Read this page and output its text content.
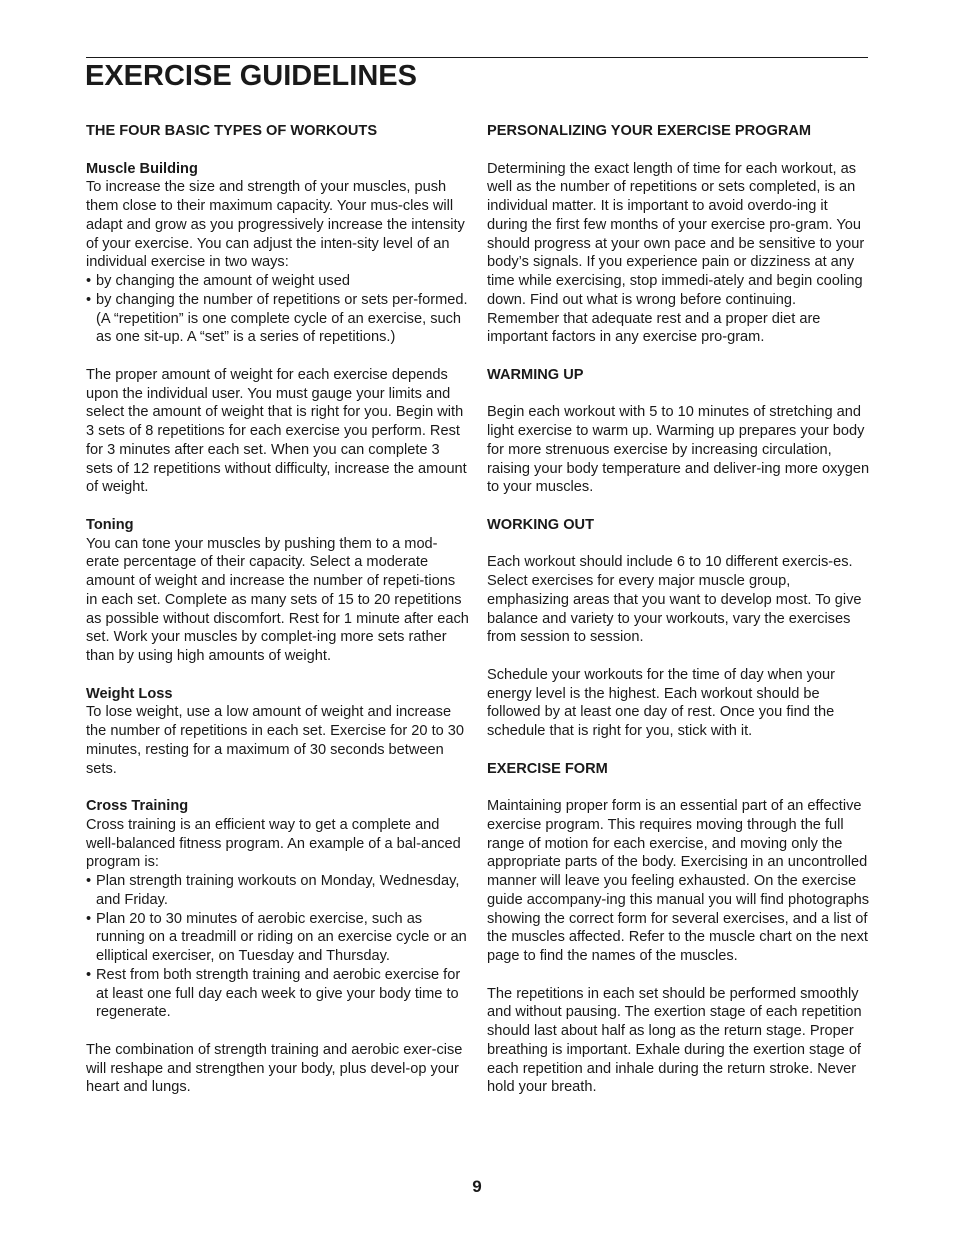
EXERCISE GUIDELINES
THE FOUR BASIC TYPES OF WORKOUTS
Muscle Building
To increase the size and strength of your muscles, push them close to their maximum capacity. Your mus-cles will adapt and grow as you progressively increase the intensity of your exercise. You can adjust the inten-sity level of an individual exercise in two ways:
• by changing the amount of weight used
• by changing the number of repetitions or sets per-formed. (A “repetition” is one complete cycle of an exercise, such as one sit-up. A “set” is a series of repetitions.)
The proper amount of weight for each exercise depends upon the individual user. You must gauge your limits and select the amount of weight that is right for you. Begin with 3 sets of 8 repetitions for each exercise you perform. Rest for 3 minutes after each set. When you can complete 3 sets of 12 repetitions without difficulty, increase the amount of weight.
Toning
You can tone your muscles by pushing them to a mod-erate percentage of their capacity. Select a moderate amount of weight and increase the number of repeti-tions in each set. Complete as many sets of 15 to 20 repetitions as possible without discomfort. Rest for 1 minute after each set. Work your muscles by complet-ing more sets rather than by using high amounts of weight.
Weight Loss
To lose weight, use a low amount of weight and increase the number of repetitions in each set. Exercise for 20 to 30 minutes, resting for a maximum of 30 seconds between sets.
Cross Training
Cross training is an efficient way to get a complete and well-balanced fitness program. An example of a bal-anced program is:
• Plan strength training workouts on Monday, Wednesday, and Friday.
• Plan 20 to 30 minutes of aerobic exercise, such as running on a treadmill or riding on an exercise cycle or an elliptical exerciser, on Tuesday and Thursday.
• Rest from both strength training and aerobic exercise for at least one full day each week to give your body time to regenerate.
The combination of strength training and aerobic exer-cise will reshape and strengthen your body, plus devel-op your heart and lungs.
PERSONALIZING YOUR EXERCISE PROGRAM
Determining the exact length of time for each workout, as well as the number of repetitions or sets completed, is an individual matter. It is important to avoid overdo-ing it during the first few months of your exercise pro-gram. You should progress at your own pace and be sensitive to your body’s signals. If you experience pain or dizziness at any time while exercising, stop immedi-ately and begin cooling down. Find out what is wrong before continuing. Remember that adequate rest and a proper diet are important factors in any exercise pro-gram.
WARMING UP
Begin each workout with 5 to 10 minutes of stretching and light exercise to warm up. Warming up prepares your body for more strenuous exercise by increasing circulation, raising your body temperature and deliver-ing more oxygen to your muscles.
WORKING OUT
Each workout should include 6 to 10 different exercis-es. Select exercises for every major muscle group, emphasizing areas that you want to develop most. To give balance and variety to your workouts, vary the exercises from session to session.
Schedule your workouts for the time of day when your energy level is the highest. Each workout should be followed by at least one day of rest. Once you find the schedule that is right for you, stick with it.
EXERCISE FORM
Maintaining proper form is an essential part of an effective exercise program. This requires moving through the full range of motion for each exercise, and moving only the appropriate parts of the body. Exercising in an uncontrolled manner will leave you feeling exhausted. On the exercise guide accompany-ing this manual you will find photographs showing the correct form for several exercises, and a list of the muscles affected. Refer to the muscle chart on the next page to find the names of the muscles.
The repetitions in each set should be performed smoothly and without pausing. The exertion stage of each repetition should last about half as long as the return stage. Proper breathing is important. Exhale during the exertion stage of each repetition and inhale during the return stroke. Never hold your breath.
9
